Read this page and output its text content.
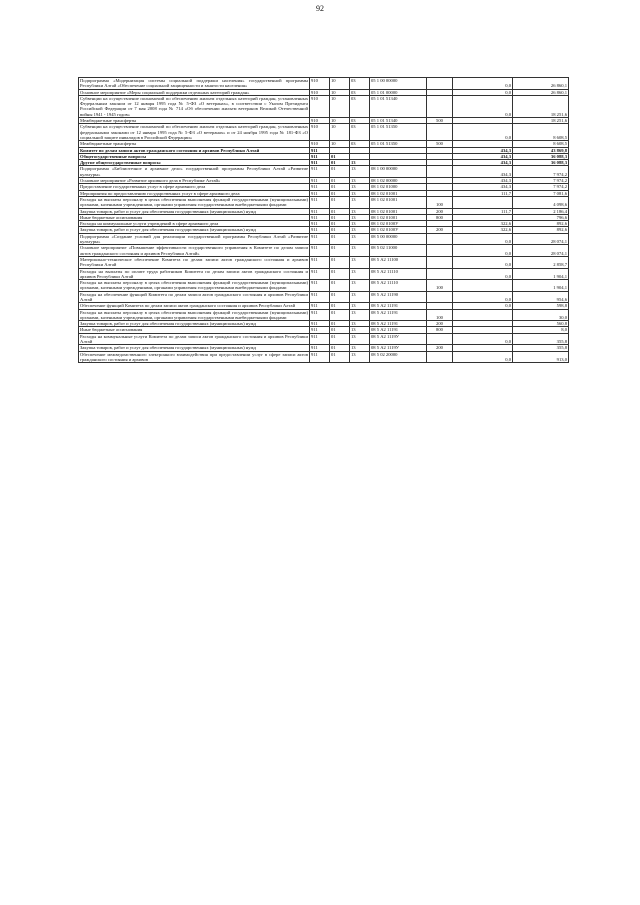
92
Подпрограмма «Модернизация системы социальной поддержки населения» государственной программы Республики Алтай «Обеспечение социальной защищенности и занятости населения»	910	10	03	05 1 00 00000		0,0	26 860,1
Основное мероприятие «Меры социальной поддержки отдельных категорий граждан»	910	10	03	05 1 01 00000		0,0	26 860,1
Субвенции на осуществление полномочий по обеспечению жильем отдельных категорий граждан, установленных Федеральным законом от 12 января 1995 года № 5-ФЗ «О ветеранах», в соответствии с Указом Президента Российской Федерации от 7 мая 2008 года № 714 «Об обеспечении жильем ветеранов Великой Отечественной войны 1941 - 1945 годов»	910	10	03	05 1 01 51340		0,0	18 251,6
Межбюджетные трансферты	910	10	03	05 1 01 51340	500		18 251,6
Субвенции на осуществление полномочий по обеспечению жильем отдельных категорий граждан, установленных федеральными законами от 12 января 1995 года № 5-ФЗ «О ветеранах» и от 24 ноября 1995 года № 181-ФЗ «О социальной защите инвалидов в Российской Федерации»	910	10	03	05 1 01 51350		0,0	8 608,5
Межбюджетные трансферты	910	10	03	05 1 01 51350	500		8 608,5
Комитет по делам записи актов гражданского состояния и архивов Республики Алтай	911					434,3	43 869,8
Общегосударственные вопросы	911	01				434,3	36 088,3
Другие общегосударственные вопросы	911	01	13			434,3	36 088,3
Подпрограмма «Библиотечное и архивное дело» государственной программы Республики Алтай «Развитие культуры»	911	01	13	08 1 00 00000		434,3	7 974,2
Основное мероприятие «Развитие архивного дела в Республике Алтай»	911	01	13	08 1 02 00000		434,3	7 974,2
Предоставление государственных услуг в сфере архивного дела	911	01	13	08 1 02 01000		434,3	7 974,2
Мероприятия по предоставлению государственных услуг в сфере архивного дела	911	01	13	08 1 02 01001		111,7	7 081,6
Расходы на выплаты персоналу в целях обеспечения выполнения функций государственными (муниципальными) органами, казенными учреждениями, органами управления государственными внебюджетными фондами	911	01	13	08 1 02 01001	100		4 098,6
Закупка товаров, работ и услуг для обеспечения государственных (муниципальных) нужд	911	01	13	08 1 02 01001	200	111,7	2 186,4
Иные бюджетные ассигнования	911	01	13	08 1 02 01001	800		796,6
Расходы на коммунальные услуги учреждений в сфере архивного дела	911	01	13	08 1 02 0100У		322,6	892,6
Закупка товаров, работ и услуг для обеспечения государственных (муниципальных) нужд	911	01	13	08 1 02 0100У	200	322,6	892,6
Подпрограмма «Создание условий для реализации государственной программы Республики Алтай «Развитие культуры»	911	01	13	08 5 00 00000		0,0	28 074,1
Основное мероприятие «Повышение эффективности государственного управления в Комитете по делам записи актов гражданского состояния и архивов Республики Алтай»	911	01	13	08 5 02 11000		0,0	28 074,1
Материально-техническое обеспечение Комитета по делам записи актов гражданского состояния и архивов Республики Алтай	911	01	13	08 5 А2 11100		0,0	2 858,7
Расходы на выплаты по оплате труда работников Комитета по делам записи актов гражданского состояния и архивов Республики Алтай	911	01	13	08 5 А2 11110		0,0	1 904,1
Расходы на выплаты персоналу в целях обеспечения выполнения функций государственными (муниципальными) органами, казенными учреждениями, органами управления государственными внебюджетными фондами	911	01	13	08 5 А2 11110	100		1 904,1
Расходы на обеспечение функций Комитета по делам записи актов гражданского состояния и архивов Республики Алтай	911	01	13	08 5 А2 11190		0,0	954,6
Обеспечение функций Комитета по делам записи актов гражданского состояния и архивов Республики Алтай	911	01	13	08 5 А2 11191		0,0	598,8
Расходы на выплаты персоналу в целях обеспечения выполнения функций государственными (муниципальными) органами, казенными учреждениями, органами управления государственными внебюджетными фондами	911	01	13	08 5 А2 11191	100		30,0
Закупка товаров, работ и услуг для обеспечения государственных (муниципальных) нужд	911	01	13	08 5 А2 11191	200		560,8
Иные бюджетные ассигнования	911	01	13	08 5 А2 11191	800		8,0
Расходы на коммунальные услуги Комитета по делам записи актов гражданского состояния и архивов Республики Алтай	911	01	13	08 5 А2 1119У		0,0	355,8
Закупка товаров, работ и услуг для обеспечения государственных (муниципальных) нужд	911	01	13	08 5 А2 1119У	200		355,8
Обеспечение межведомственного электронного взаимодействия при предоставлении услуг в сфере записи актов гражданского состояния и архивов	911	01	13	08 5 02 20000		0,0	913,0
